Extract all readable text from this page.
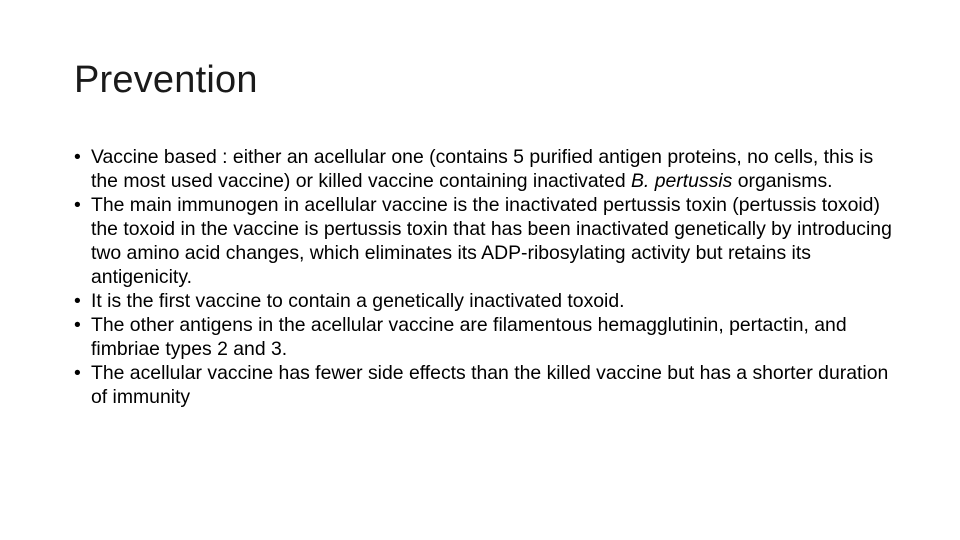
Prevention
• Vaccine based : either an acellular one (contains 5 purified antigen proteins, no cells, this is the most used vaccine) or killed vaccine containing inactivated B. pertussis organisms.
• The main immunogen in acellular vaccine is the inactivated pertussis toxin (pertussis toxoid) the toxoid in the vaccine is pertussis toxin that has been inactivated genetically by introducing two amino acid changes, which eliminates its ADP-ribosylating activity but retains its antigenicity.
• It is the first vaccine to contain a genetically inactivated toxoid.
• The other antigens in the acellular vaccine are filamentous hemagglutinin, pertactin, and fimbriae types 2 and 3.
• The acellular vaccine has fewer side effects than the killed vaccine but has a shorter duration of immunity
